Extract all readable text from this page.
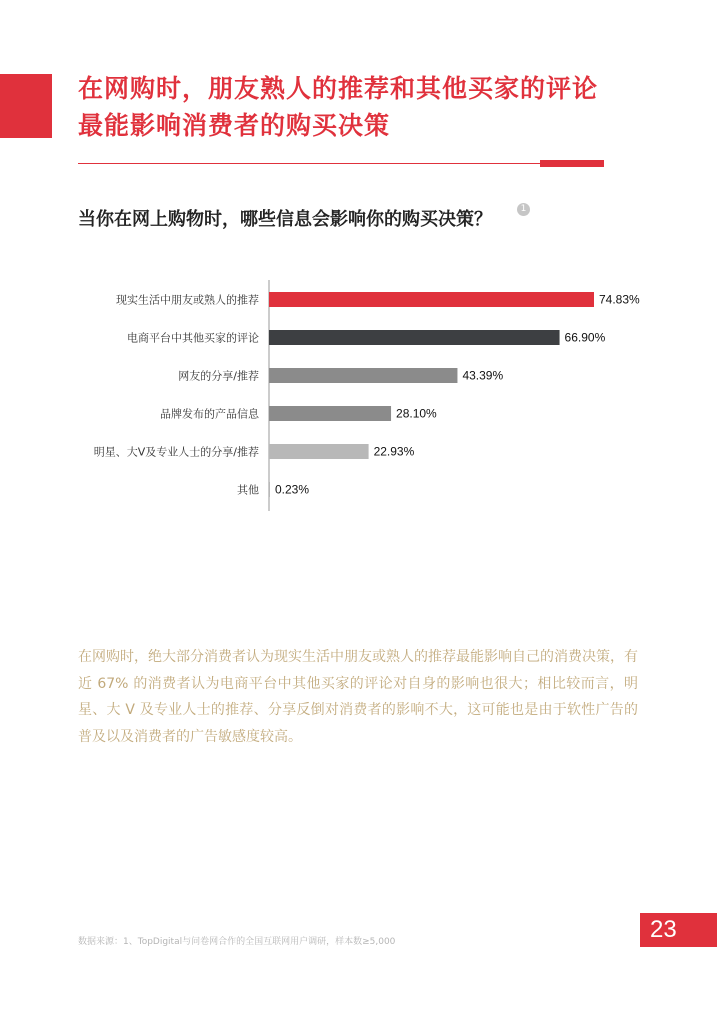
在网购时，朋友熟人的推荐和其他买家的评论
最能影响消费者的购买决策
当你在网上购物时，哪些信息会影响你的购买决策？	1
现实生活中朋友或熟人的推荐	74.83%
电商平台中其他买家的评论	66.90%
网友的分享/推荐	43.39%
品牌发布的产品信息	28.10%
明星、大V及专业人士的分享/推荐	22.93%
其他 0.23%

在网购时，绝大部分消费者认为现实生活中朋友或熟人的推荐最能影响自己的消费决策，有近 67% 的消费者认为电商平台中其他买家的评论对自身的影响也很大；相比较而言，明星、大 V 及专业人士的推荐、分享反倒对消费者的影响不大，这可能也是由于软性广告的普及以及消费者的广告敏感度较高。

数据来源：1、TopDigital与问卷网合作的全国互联网用户调研，样本数≥5,000	23
